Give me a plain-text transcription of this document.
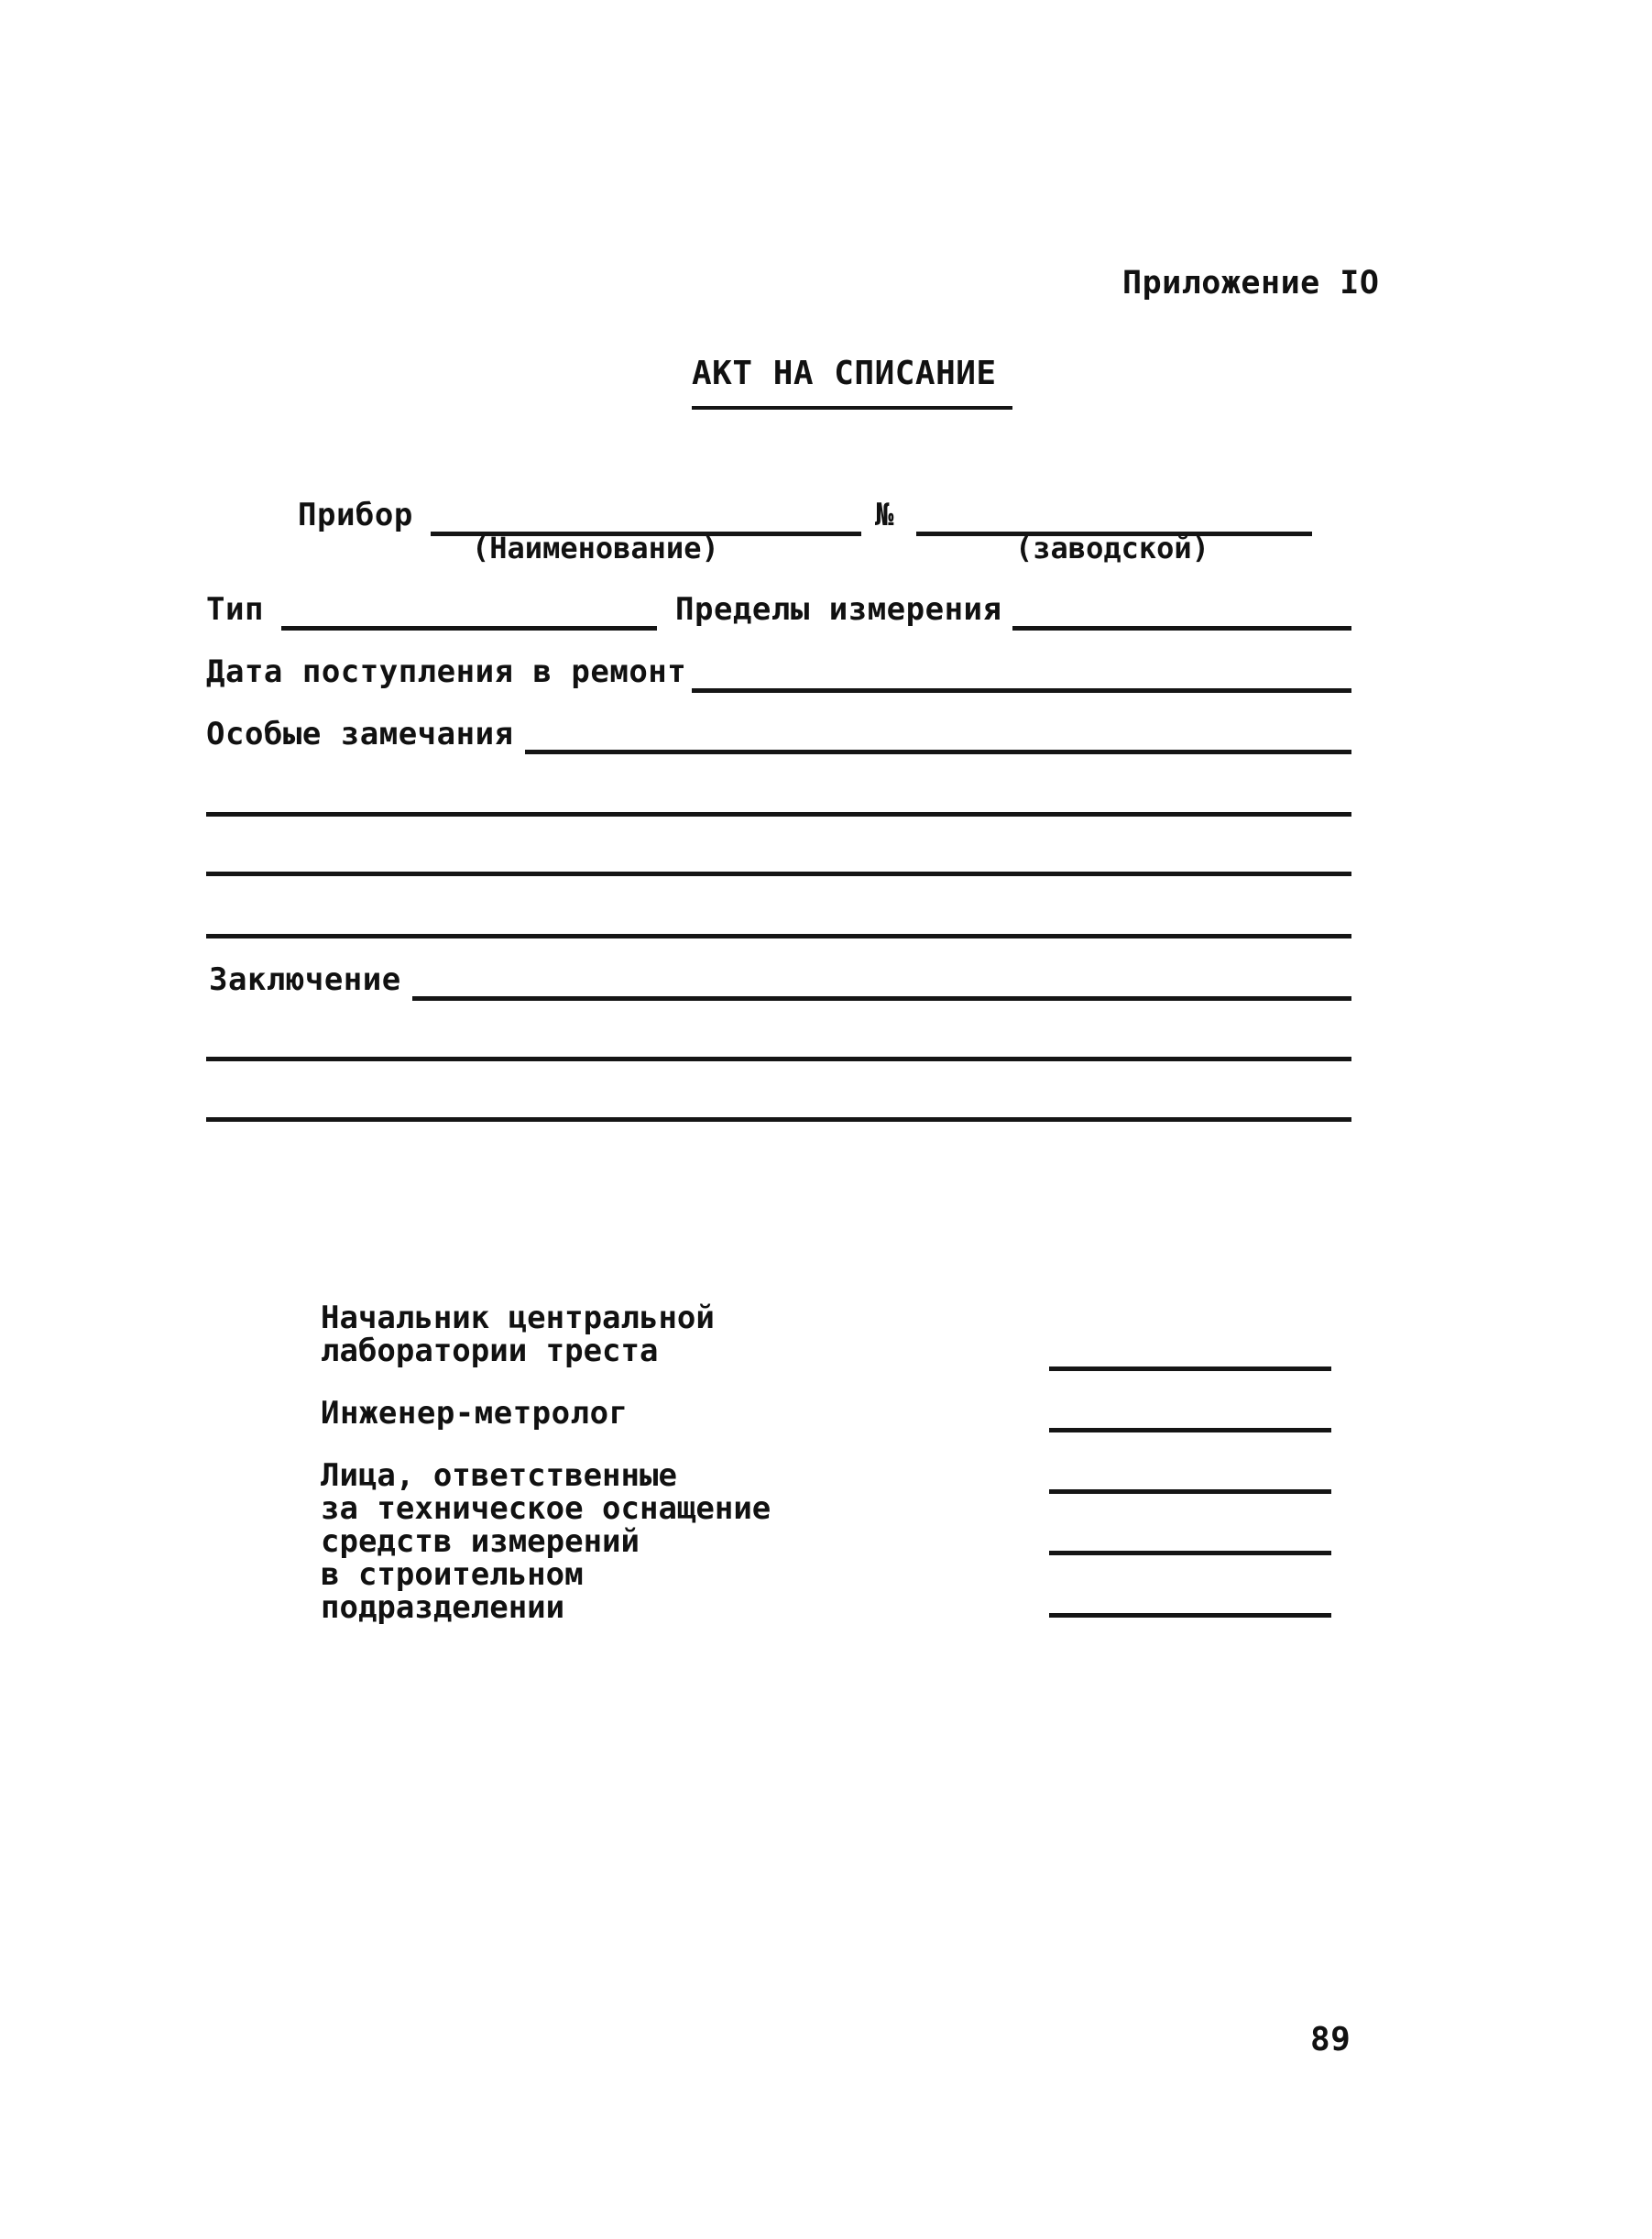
Приложение IO
АКТ НА СПИСАНИЕ
Прибор
(Наименование)
№
(заводской)
Тип	Пределы измерения
Дата поступления в ремонт
Особые замечания
Заключение
Начальник центральной
лаборатории треста
Инженер-метролог
Лица, ответственные
за техническое оснащение
средств измерений
в строительном
подразделении
89
